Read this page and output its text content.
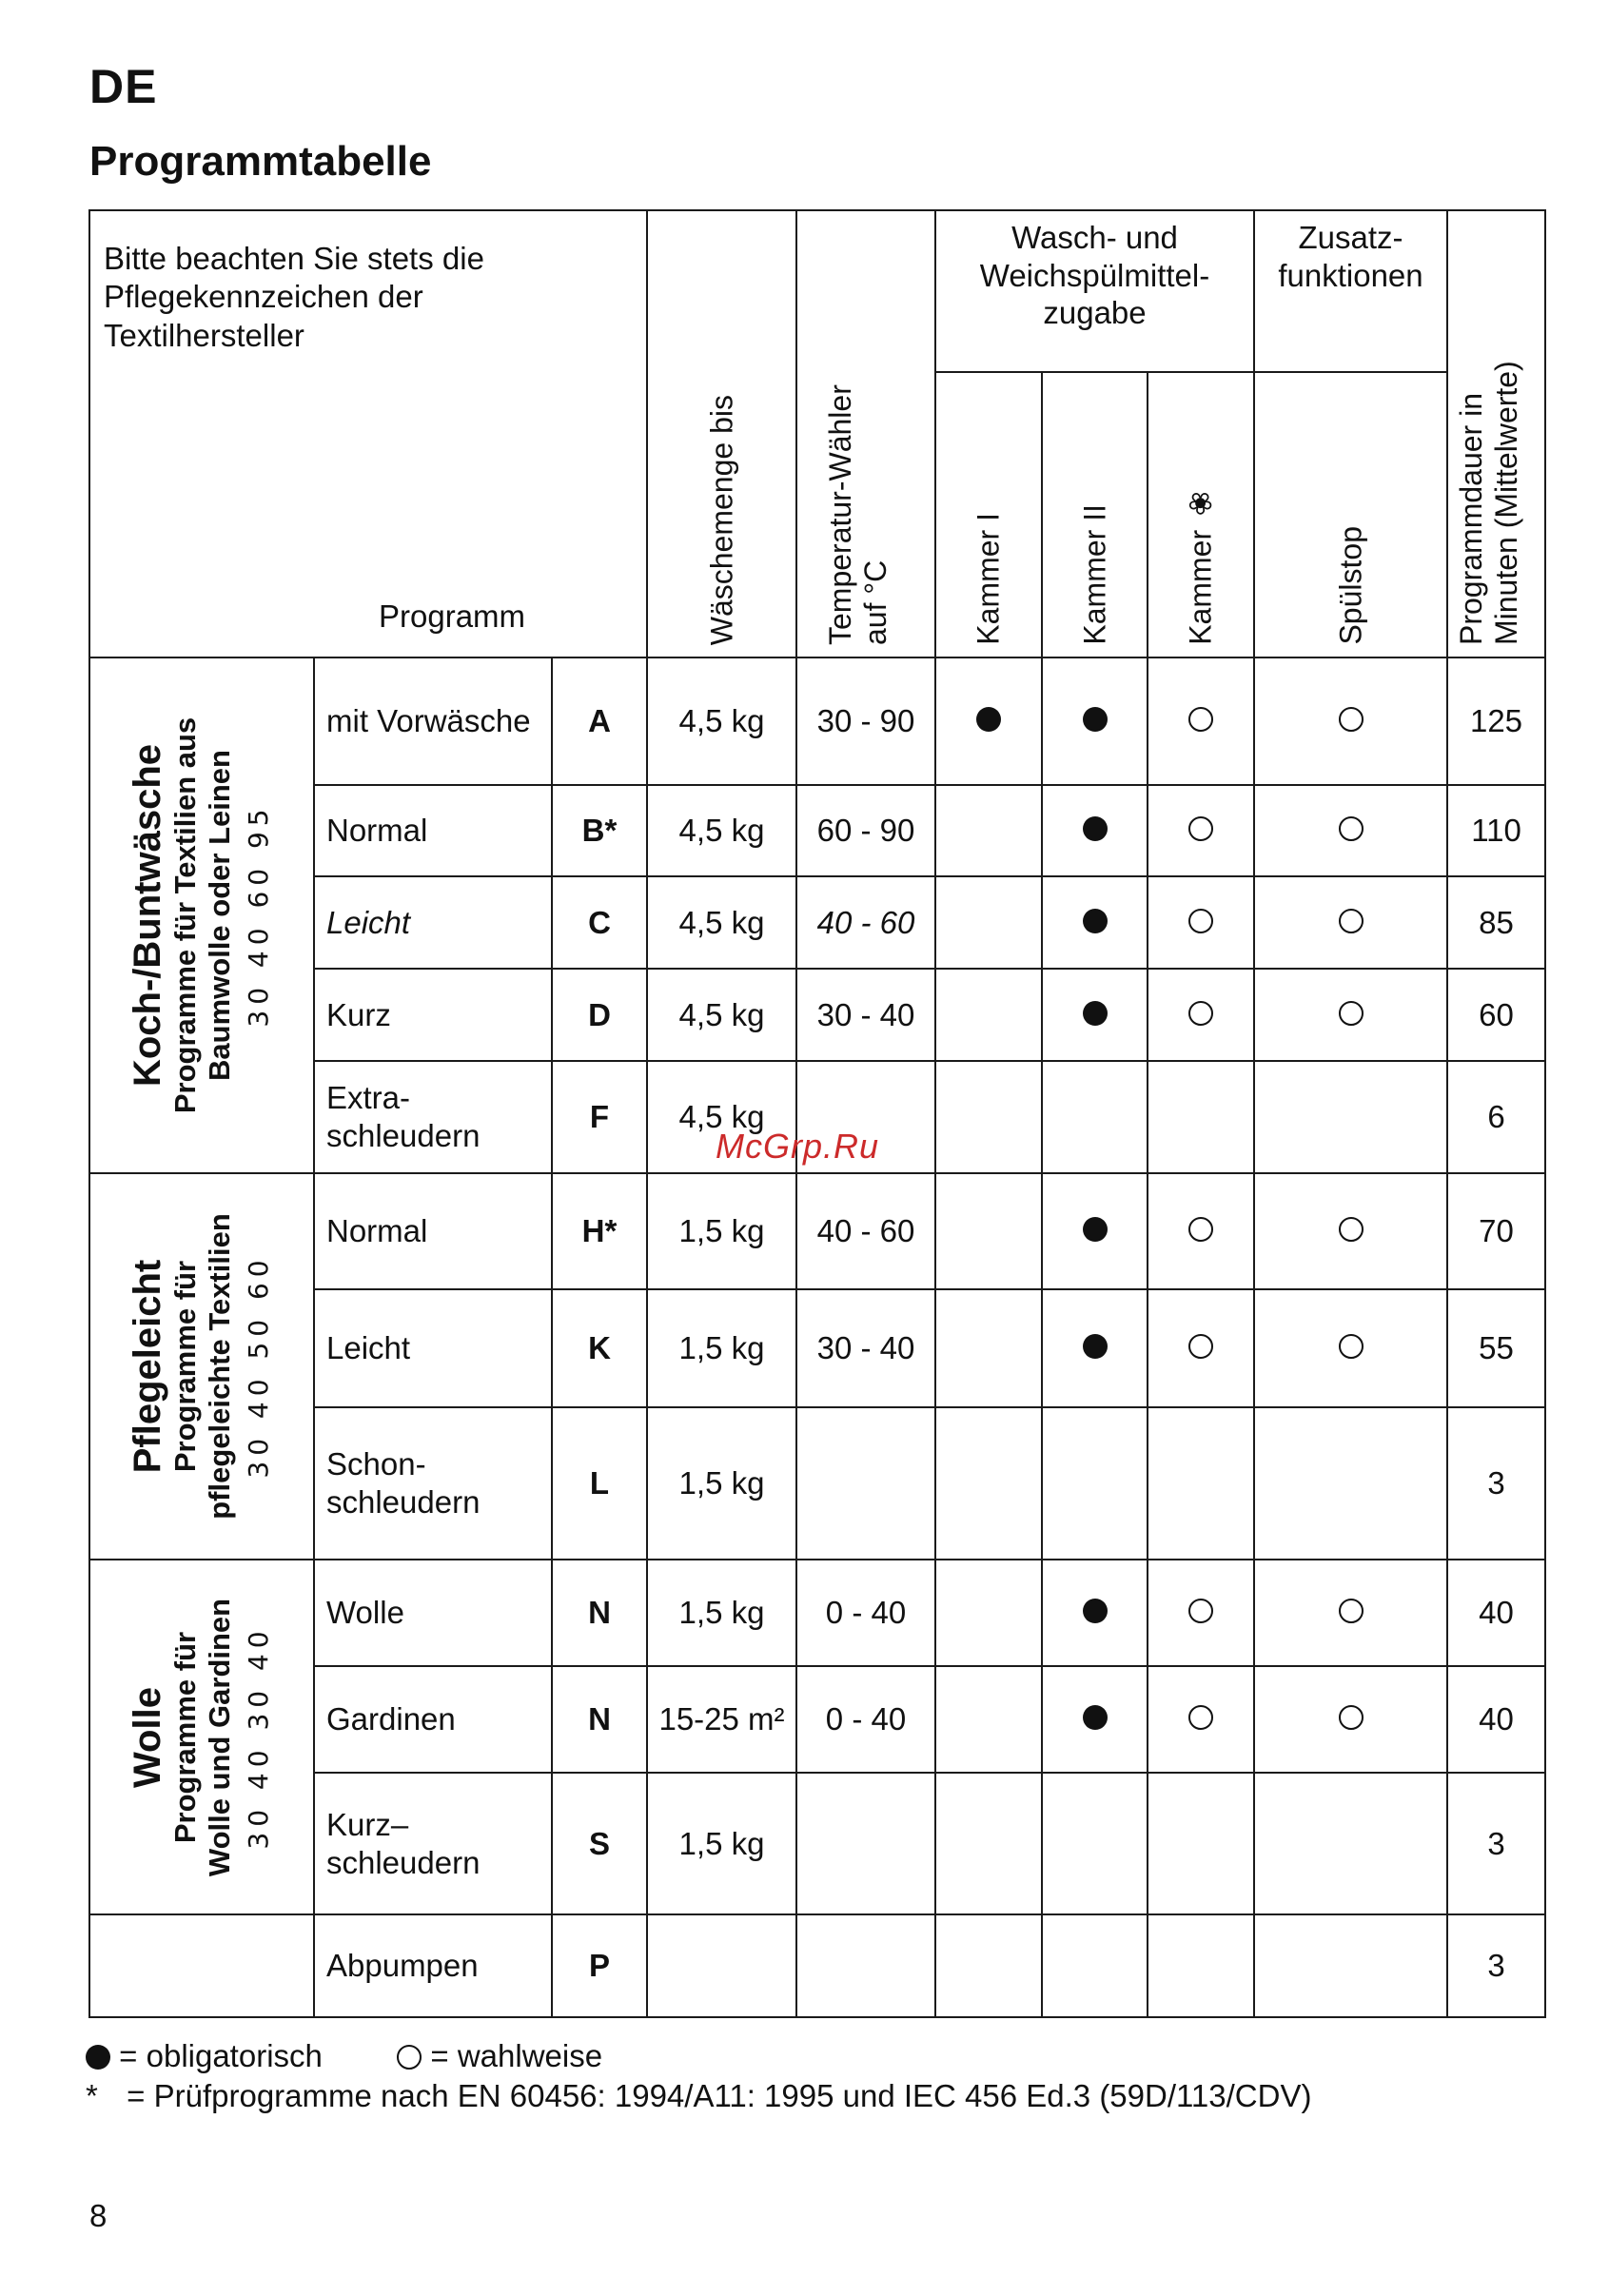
DE
Programmtabelle
Bitte beachten Sie stets die Pflegekennzeichen der Textilhersteller
Programm			Wäschemenge bis	Temperatur-Wähler auf °C	Wasch- und Weichspülmittel- zugabe			Zusatz- funktionen	Programmdauer in Minuten (Mittelwerte)

					Kammer I	Kammer II	Kammer ❀	Spülstop	

Koch-/Buntwäsche Programme für Textilien aus Baumwolle oder Leinen 30 40 60 95	mit Vorwäsche	A	4,5 kg	30 - 90					125
	Normal	B*	4,5 kg	60 - 90					110
	Leicht	C	4,5 kg	40 - 60					85
	Kurz	D	4,5 kg	30 - 40					60
	Extra- schleudern	F	4,5 kg						6

Pflegeleicht Programme für pflegeleichte Textilien 30 40 50 60	Normal	H*	1,5 kg	40 - 60					70
	Leicht	K	1,5 kg	30 - 40					55
	Schon- schleudern	L	1,5 kg						3

Wolle Programme für Wolle und Gardinen 30 40 30 40	Wolle	N	1,5 kg	0 - 40					40
	Gardinen	N	15-25 m²	0 - 40					40
	Kurz– schleudern	S	1,5 kg						3
	Abpumpen	P							3
= obligatorisch	= wahlweise
* = Prüfprogramme nach EN 60456: 1994/A11: 1995 und IEC 456 Ed.3 (59D/113/CDV)
8
McGrp.Ru
